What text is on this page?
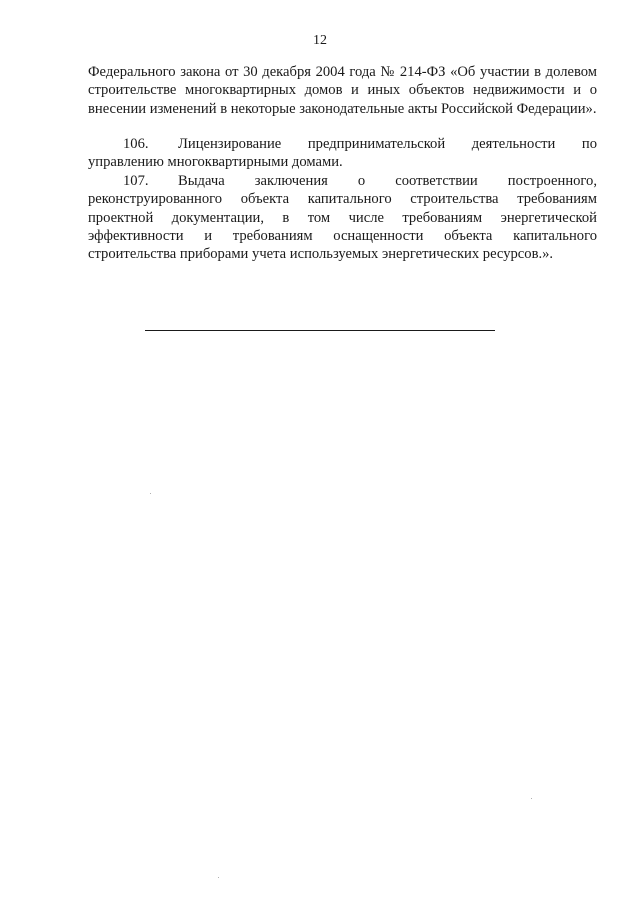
12

Федерального закона от 30 декабря 2004 года № 214-ФЗ «Об участии в долевом строительстве многоквартирных домов и иных объектов недвижимости и о внесении изменений в некоторые законодательные акты Российской Федерации».

106. Лицензирование предпринимательской деятельности по управлению многоквартирными домами.

107. Выдача заключения о соответствии построенного, реконструированного объекта капитального строительства требованиям проектной документации, в том числе требованиям энергетической эффективности и требованиям оснащенности объекта капитального строительства приборами учета используемых энергетических ресурсов.».
